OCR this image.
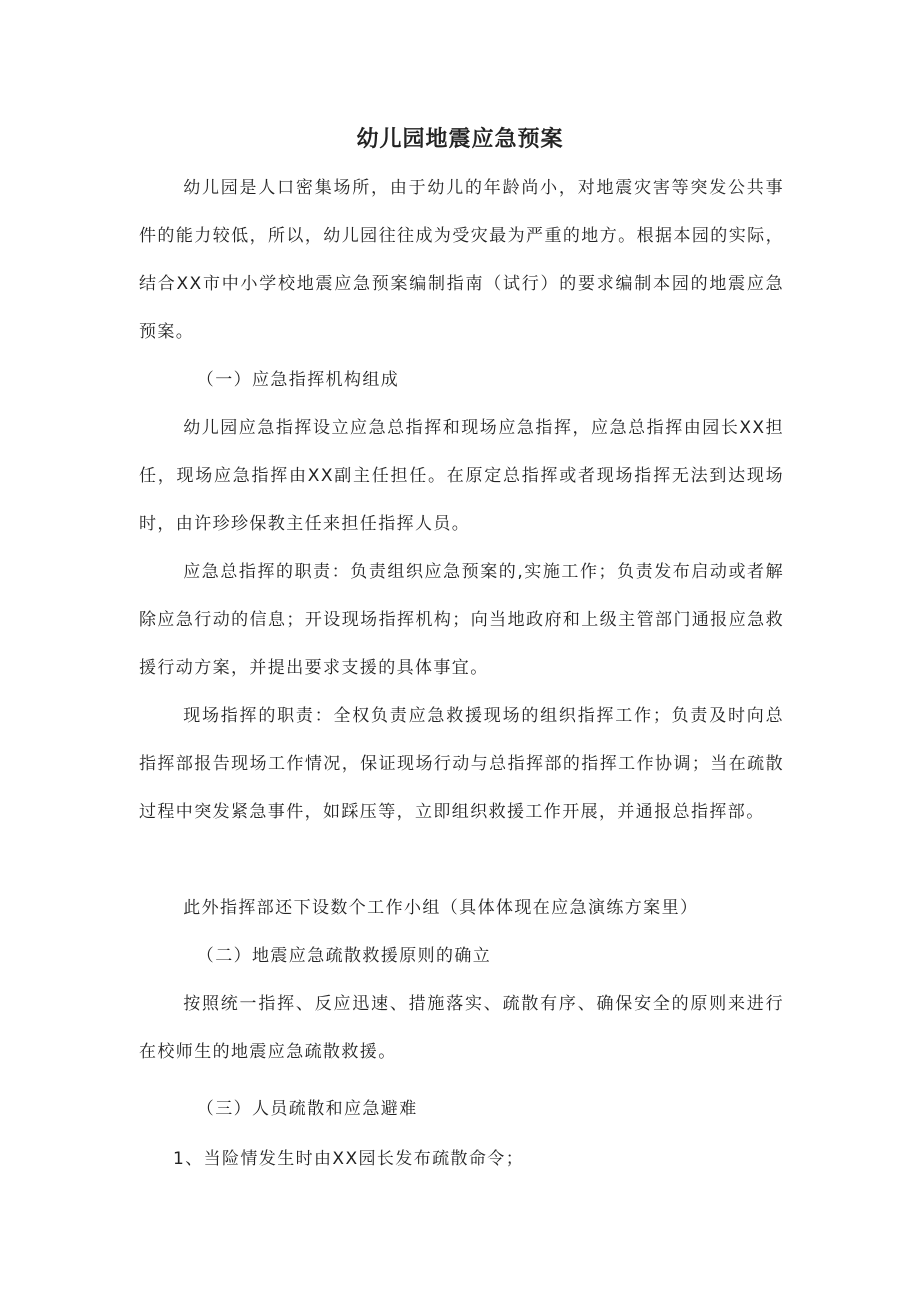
幼儿园地震应急预案

幼儿园是人口密集场所，由于幼儿的年龄尚小，对地震灾害等突发公共事件的能力较低，所以，幼儿园往往成为受灾最为严重的地方。根据本园的实际，结合XX市中小学校地震应急预案编制指南（试行）的要求编制本园的地震应急预案。

（一）应急指挥机构组成

幼儿园应急指挥设立应急总指挥和现场应急指挥，应急总指挥由园长XX担任，现场应急指挥由XX副主任担任。在原定总指挥或者现场指挥无法到达现场时，由许珍珍保教主任来担任指挥人员。

应急总指挥的职责：负责组织应急预案的,实施工作；负责发布启动或者解除应急行动的信息；开设现场指挥机构；向当地政府和上级主管部门通报应急救援行动方案，并提出要求支援的具体事宜。

现场指挥的职责：全权负责应急救援现场的组织指挥工作；负责及时向总指挥部报告现场工作情况，保证现场行动与总指挥部的指挥工作协调；当在疏散过程中突发紧急事件，如踩压等，立即组织救援工作开展，并通报总指挥部。

此外指挥部还下设数个工作小组（具体体现在应急演练方案里）

（二）地震应急疏散救援原则的确立

按照统一指挥、反应迅速、措施落实、疏散有序、确保安全的原则来进行在校师生的地震应急疏散救援。

（三）人员疏散和应急避难

1、当险情发生时由XX园长发布疏散命令；
